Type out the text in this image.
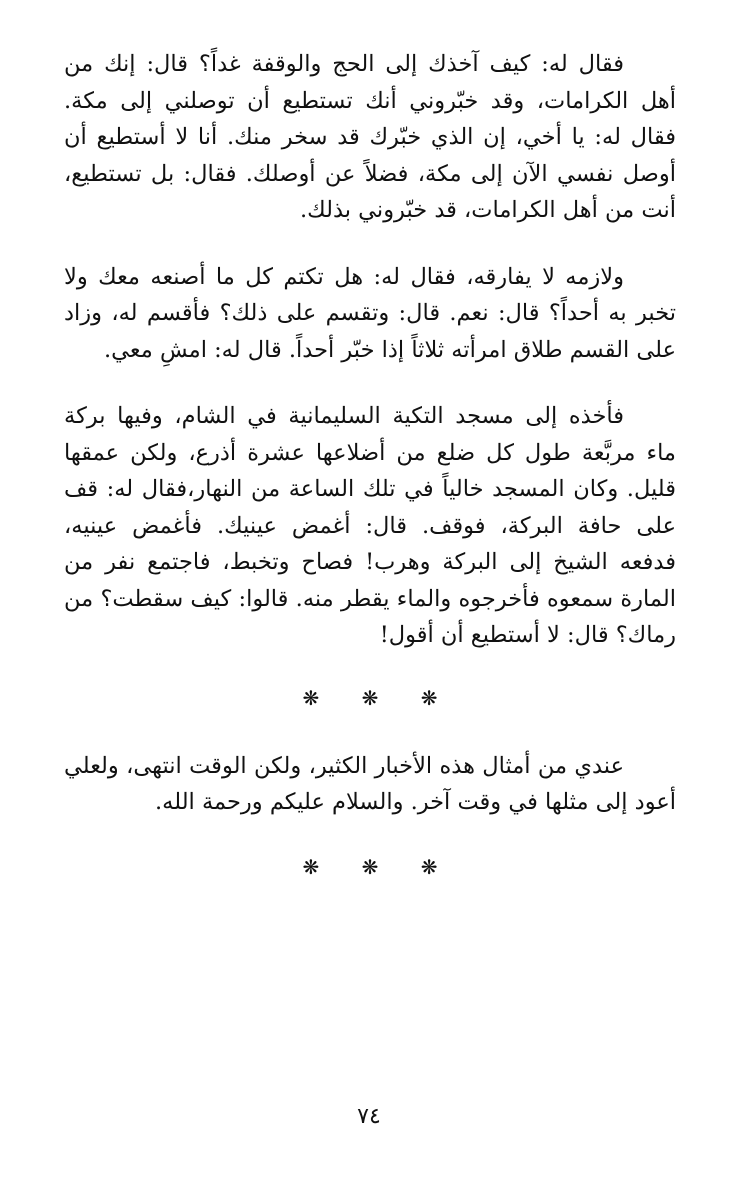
فقال له: كيف آخذك إلى الحج والوقفة غداً؟ قال: إنك من أهل الكرامات، وقد خبّروني أنك تستطيع أن توصلني إلى مكة. فقال له: يا أخي، إن الذي خبّرك قد سخر منك. أنا لا أستطيع أن أوصل نفسي الآن إلى مكة، فضلاً عن أوصلك. فقال: بل تستطيع، أنت من أهل الكرامات، قد خبّروني بذلك.

ولازمه لا يفارقه، فقال له: هل تكتم كل ما أصنعه معك ولا تخبر به أحداً؟ قال: نعم. قال: وتقسم على ذلك؟ فأقسم له، وزاد على القسم طلاق امرأته ثلاثاً إذا خبّر أحداً. قال له: امشِ معي.

فأخذه إلى مسجد التكية السليمانية في الشام، وفيها بركة ماء مربَّعة طول كل ضلع من أضلاعها عشرة أذرع، ولكن عمقها قليل. وكان المسجد خالياً في تلك الساعة من النهار،فقال له: قف على حافة البركة، فوقف. قال: أغمض عينيك. فأغمض عينيه، فدفعه الشيخ إلى البركة وهرب! فصاح وتخبط، فاجتمع نفر من المارة سمعوه فأخرجوه والماء يقطر منه. قالوا: كيف سقطت؟ من رماك؟ قال: لا أستطيع أن أقول!

❋ ❋ ❋

عندي من أمثال هذه الأخبار الكثير، ولكن الوقت انتهى، ولعلي أعود إلى مثلها في وقت آخر. والسلام عليكم ورحمة الله.

❋ ❋ ❋
٧٤
